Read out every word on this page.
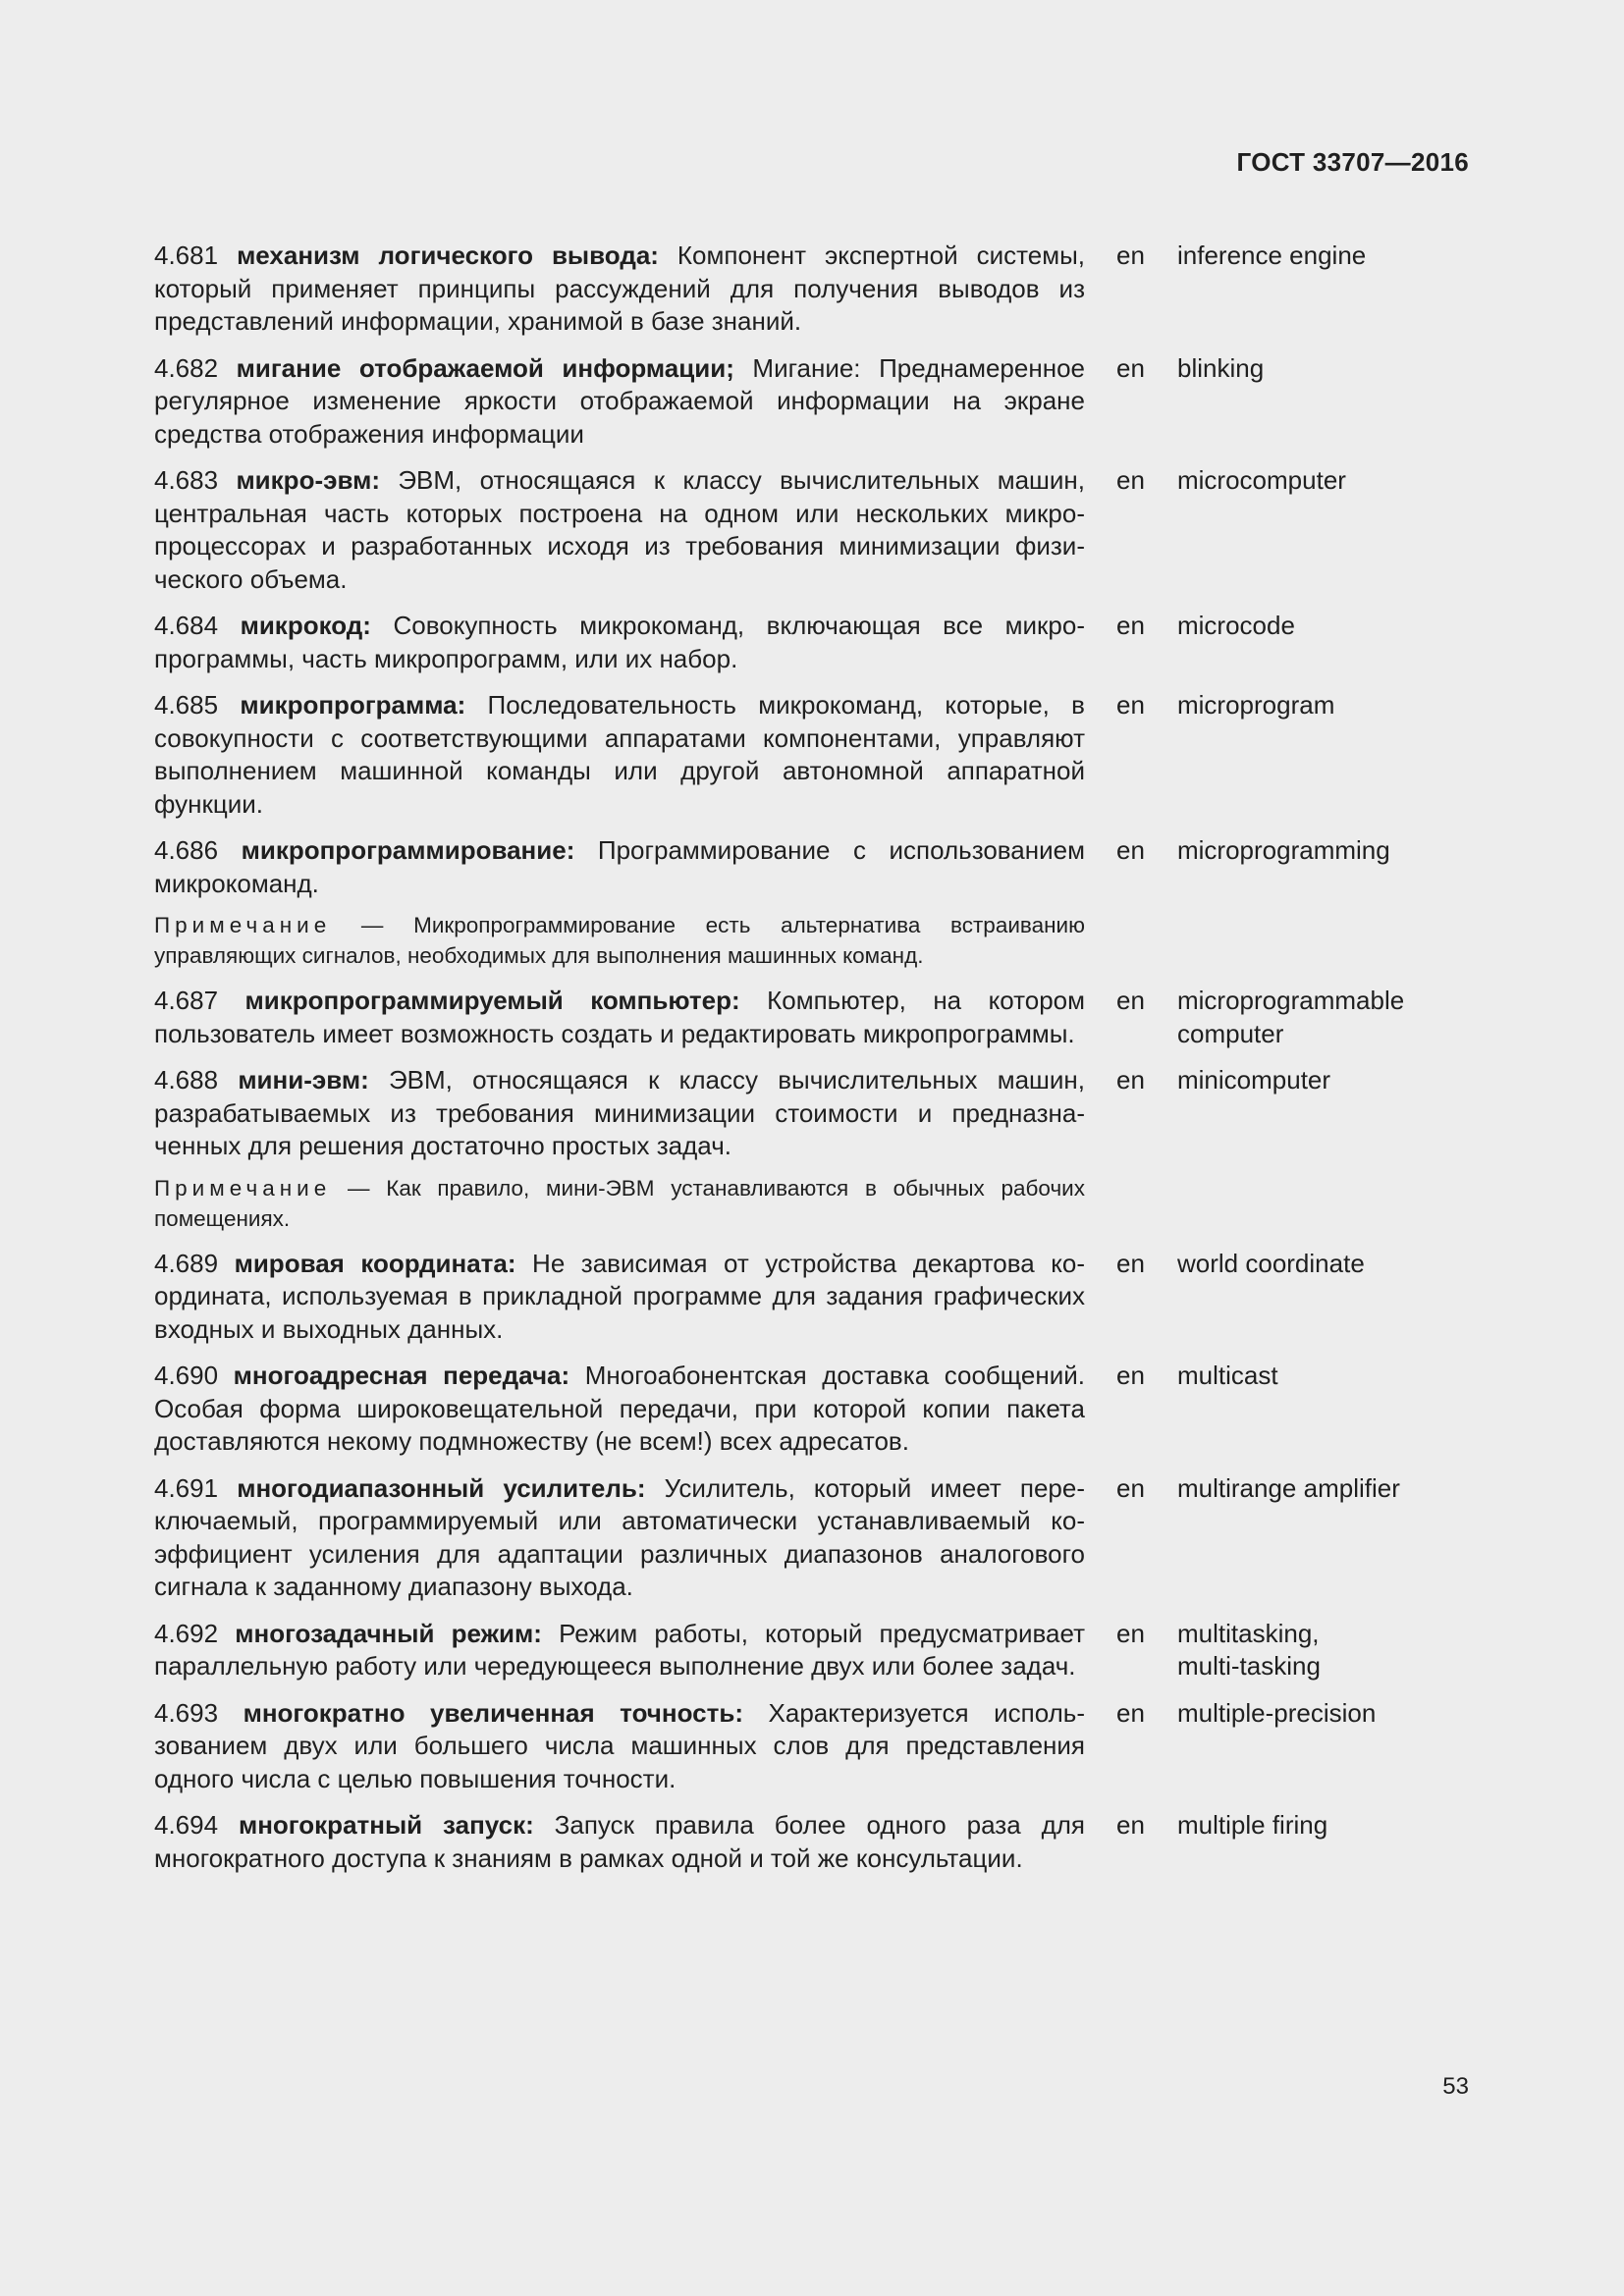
ГОСТ 33707—2016
4.681 механизм логического вывода: Компонент экспертной системы, который применяет принципы рассуждений для получения выводов из представлений информации, хранимой в базе знаний.
en	inference engine
4.682 мигание отображаемой информации; Мигание: Преднамеренное регулярное изменение яркости отображаемой информации на экране средства отображения информации
en	blinking
4.683 микро-эвм: ЭВМ, относящаяся к классу вычислительных машин, центральная часть которых построена на одном или нескольких микропроцессорах и разработанных исходя из требования минимизации физического объема.
en	microcomputer
4.684 микрокод: Совокупность микрокоманд, включающая все микропрограммы, часть микропрограмм, или их набор.
en	microcode
4.685 микропрограмма: Последовательность микрокоманд, которые, в совокупности с соответствующими аппаратами компонентами, управляют выполнением машинной команды или другой автономной аппаратной функции.
en	microprogram
4.686 микропрограммирование: Программирование с использованием микрокоманд.
en	microprogramming
Примечание — Микропрограммирование есть альтернатива встраиванию управляющих сигналов, необходимых для выполнения машинных команд.
4.687 микропрограммируемый компьютер: Компьютер, на котором пользователь имеет возможность создать и редактировать микропрограммы.
en	microprogrammable
computer
4.688 мини-эвм: ЭВМ, относящаяся к классу вычислительных машин, разрабатываемых из требования минимизации стоимости и предназначенных для решения достаточно простых задач.
en	minicomputer
Примечание — Как правило, мини-ЭВМ устанавливаются в обычных рабочих помещениях.
4.689 мировая координата: Не зависимая от устройства декартова координата, используемая в прикладной программе для задания графических входных и выходных данных.
en	world coordinate
4.690 многоадресная передача: Многоабонентская доставка сообщений. Особая форма широковещательной передачи, при которой копии пакета доставляются некому подмножеству (не всем!) всех адресатов.
en	multicast
4.691 многодиапазонный усилитель: Усилитель, который имеет переключаемый, программируемый или автоматически устанавливаемый коэффициент усиления для адаптации различных диапазонов аналогового сигнала к заданному диапазону выхода.
en	multirange amplifier
4.692 многозадачный режим: Режим работы, который предусматривает параллельную работу или чередующееся выполнение двух или более задач.
en	multitasking,
multi-tasking
4.693 многократно увеличенная точность: Характеризуется использованием двух или большего числа машинных слов для представления одного числа с целью повышения точности.
en	multiple-precision
4.694 многократный запуск: Запуск правила более одного раза для многократного доступа к знаниям в рамках одной и той же консультации.
en	multiple firing
53
